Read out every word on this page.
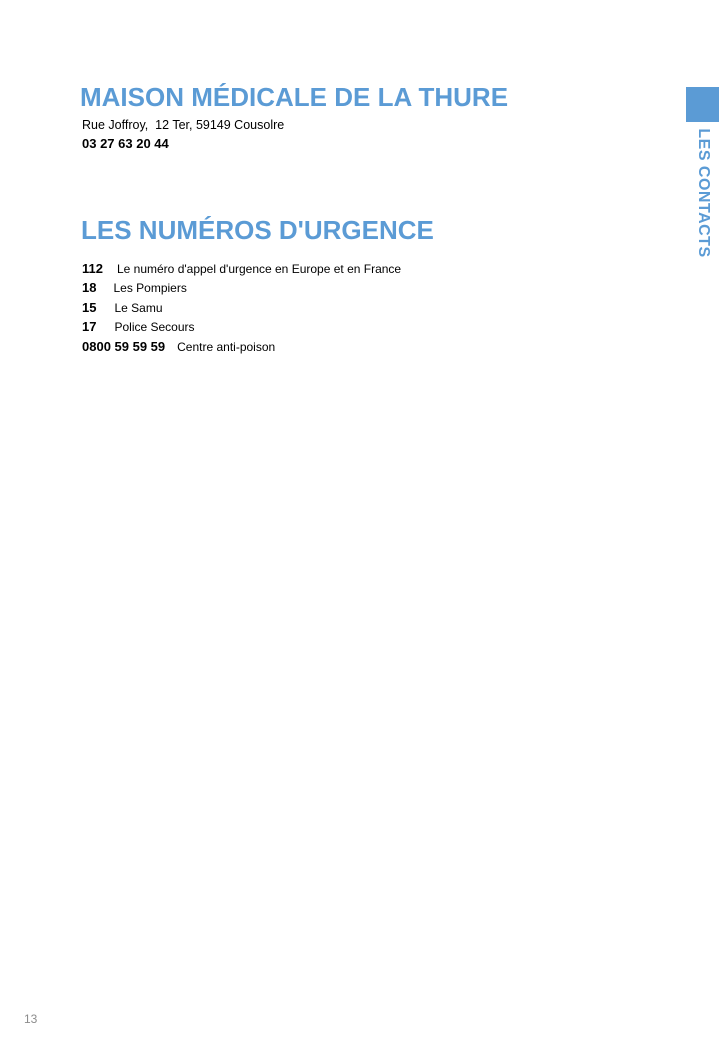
MAISON MÉDICALE DE LA THURE
Rue Joffroy,  12 Ter, 59149 Cousolre
03 27 63 20 44
LES NUMÉROS D'URGENCE
112 Le numéro d'appel d'urgence en Europe et en France
18 Les Pompiers
15 Le Samu
17 Police Secours
0800 59 59 59 Centre anti-poison
LES CONTACTS
13
